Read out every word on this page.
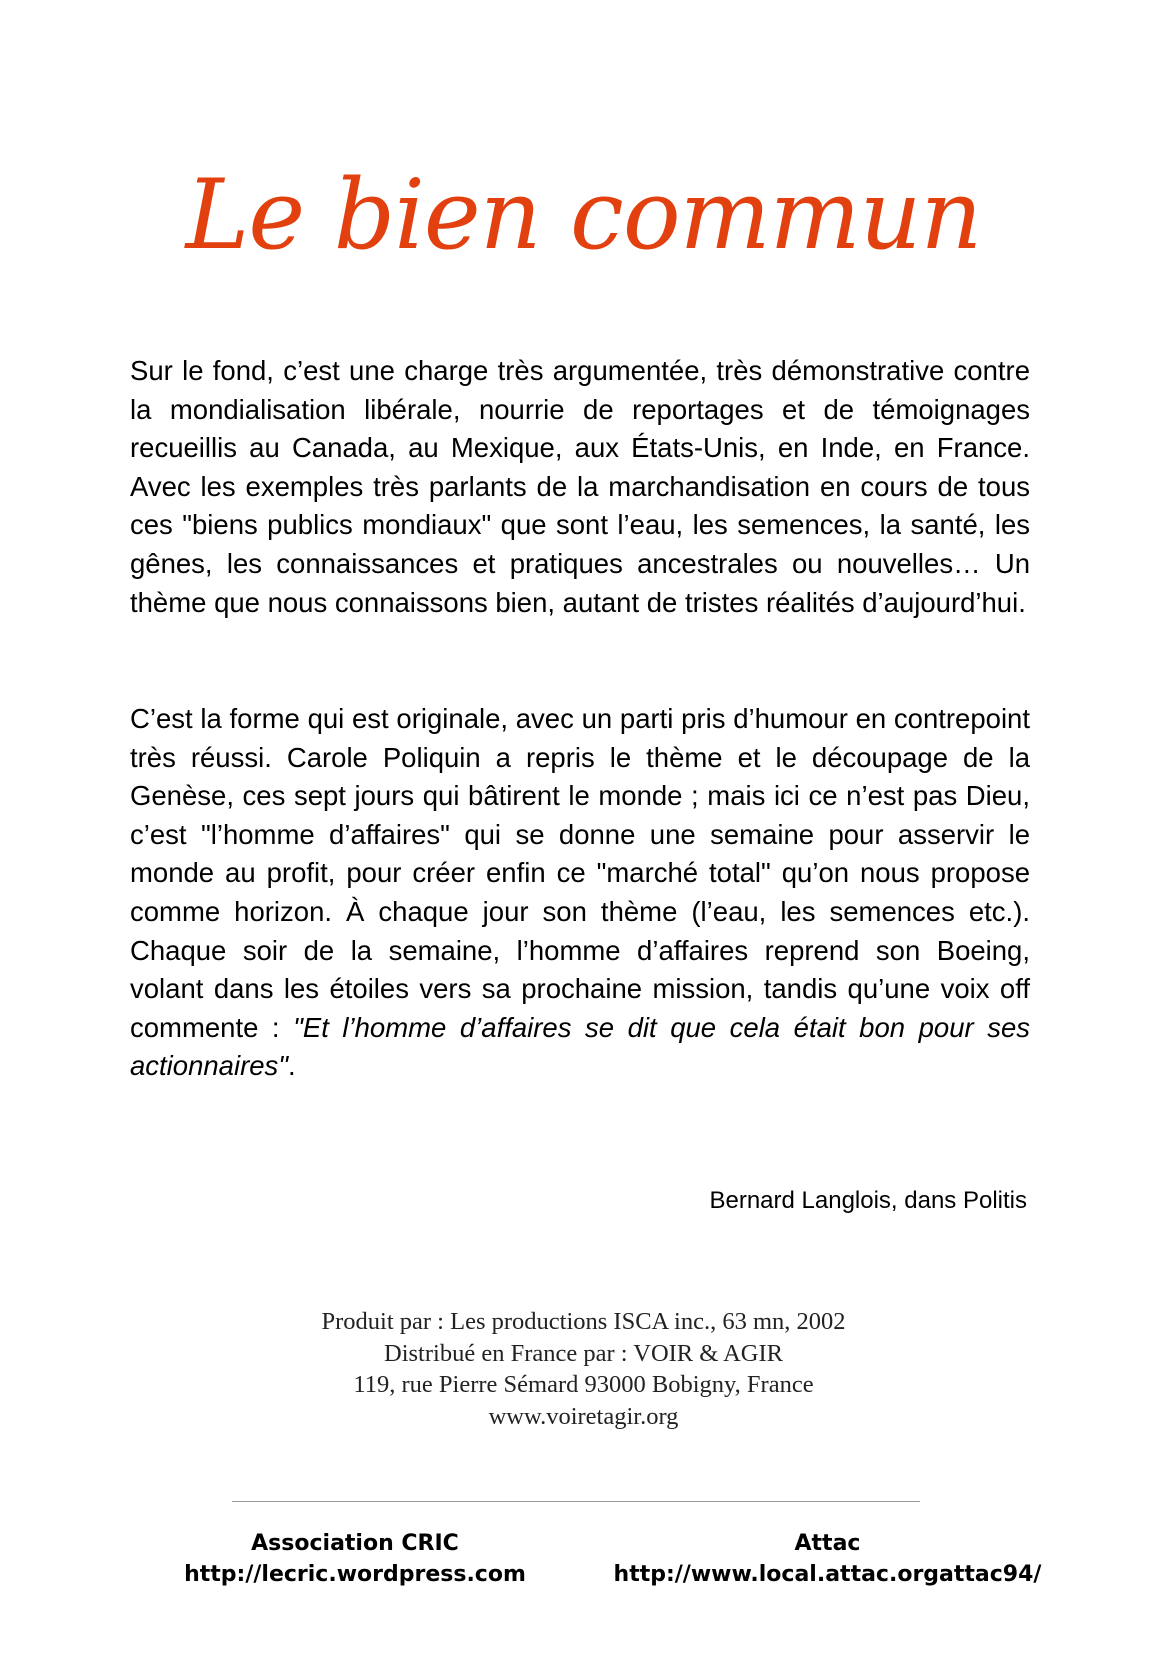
Le bien commun

Sur le fond, c’est une charge très argumentée, très démonstrative contre la mondialisation libérale, nourrie de reportages et de témoignages recueillis au Canada, au Mexique, aux États-Unis, en Inde, en France. Avec les exemples très parlants de la marchandisation en cours de tous ces "biens publics mondiaux" que sont l’eau, les semences, la santé, les gênes, les connaissances et pratiques ancestrales ou nouvelles… Un thème que nous connaissons bien, autant de tristes réalités d’aujourd’hui.

C’est la forme qui est originale, avec un parti pris d’humour en contrepoint très réussi. Carole Poliquin a repris le thème et le découpage de la Genèse, ces sept jours qui bâtirent le monde ; mais ici ce n’est pas Dieu, c’est "l’homme d’affaires" qui se donne une semaine pour asservir le monde au profit, pour créer enfin ce "marché total" qu’on nous propose comme horizon. À chaque jour son thème (l’eau, les semences etc.). Chaque soir de la semaine, l’homme d’affaires reprend son Boeing, volant dans les étoiles vers sa prochaine mission, tandis qu’une voix off commente : "Et l’homme d’affaires se dit que cela était bon pour ses actionnaires".

Bernard Langlois, dans Politis

Produit par : Les productions ISCA inc., 63 mn, 2002
Distribué en France par : VOIR & AGIR
119, rue Pierre Sémard 93000 Bobigny, France
www.voiretagir.org
Association CRIC
http://lecric.wordpress.com
Attac
http://www.local.attac.orgattac94/
